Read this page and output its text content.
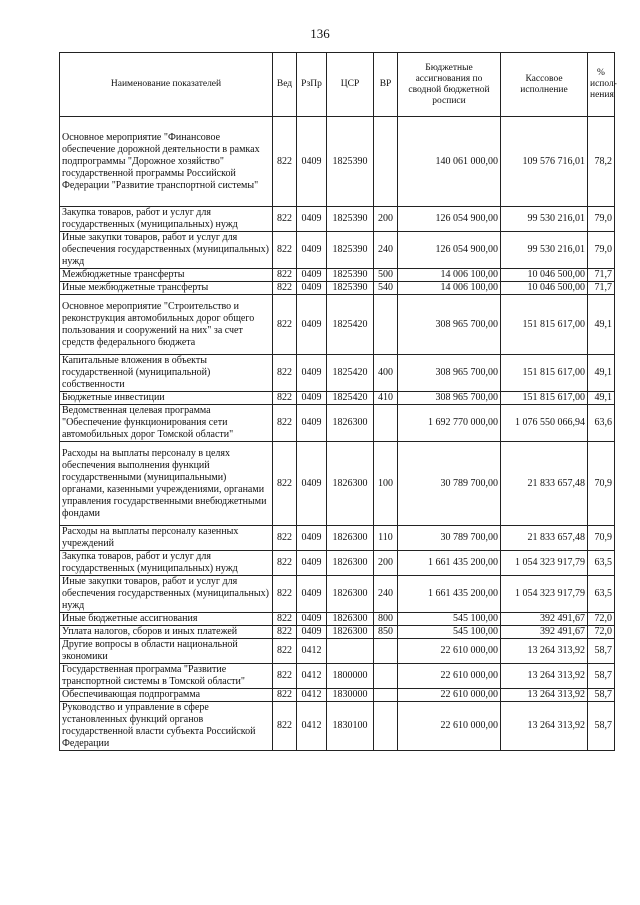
136
Наименование показателей	Вед	РзПр	ЦСР	ВР	Бюджетные ассигнования по сводной бюджетной росписи	Кассовое исполнение	% испол-нения
Основное мероприятие "Финансовое обеспечение дорожной деятельности в рамках подпрограммы "Дорожное хозяйство" государственной программы Российской Федерации "Развитие транспортной системы"	822	0409	1825390		140 061 000,00	109 576 716,01	78,2
Закупка товаров, работ и услуг для государственных (муниципальных) нужд	822	0409	1825390	200	126 054 900,00	99 530 216,01	79,0
Иные закупки товаров, работ и услуг для обеспечения государственных (муниципальных) нужд	822	0409	1825390	240	126 054 900,00	99 530 216,01	79,0
Межбюджетные трансферты	822	0409	1825390	500	14 006 100,00	10 046 500,00	71,7
Иные межбюджетные трансферты	822	0409	1825390	540	14 006 100,00	10 046 500,00	71,7
Основное мероприятие "Строительство и реконструкция автомобильных дорог общего пользования и сооружений на них" за счет средств федерального бюджета	822	0409	1825420		308 965 700,00	151 815 617,00	49,1
Капитальные вложения в объекты государственной (муниципальной) собственности	822	0409	1825420	400	308 965 700,00	151 815 617,00	49,1
Бюджетные инвестиции	822	0409	1825420	410	308 965 700,00	151 815 617,00	49,1
Ведомственная целевая программа "Обеспечение функционирования сети автомобильных дорог Томской области"	822	0409	1826300		1 692 770 000,00	1 076 550 066,94	63,6
Расходы на выплаты персоналу в целях обеспечения выполнения функций государственными (муниципальными) органами, казенными учреждениями, органами управления государственными внебюджетными фондами	822	0409	1826300	100	30 789 700,00	21 833 657,48	70,9
Расходы на выплаты персоналу казенных учреждений	822	0409	1826300	110	30 789 700,00	21 833 657,48	70,9
Закупка товаров, работ и услуг для государственных (муниципальных) нужд	822	0409	1826300	200	1 661 435 200,00	1 054 323 917,79	63,5
Иные закупки товаров, работ и услуг для обеспечения государственных (муниципальных) нужд	822	0409	1826300	240	1 661 435 200,00	1 054 323 917,79	63,5
Иные бюджетные ассигнования	822	0409	1826300	800	545 100,00	392 491,67	72,0
Уплата налогов, сборов и иных платежей	822	0409	1826300	850	545 100,00	392 491,67	72,0
Другие вопросы в области национальной экономики	822	0412			22 610 000,00	13 264 313,92	58,7
Государственная программа "Развитие транспортной системы в Томской области"	822	0412	1800000		22 610 000,00	13 264 313,92	58,7
Обеспечивающая подпрограмма	822	0412	1830000		22 610 000,00	13 264 313,92	58,7
Руководство и управление в сфере установленных функций органов государственной власти субъекта Российской Федерации	822	0412	1830100		22 610 000,00	13 264 313,92	58,7
